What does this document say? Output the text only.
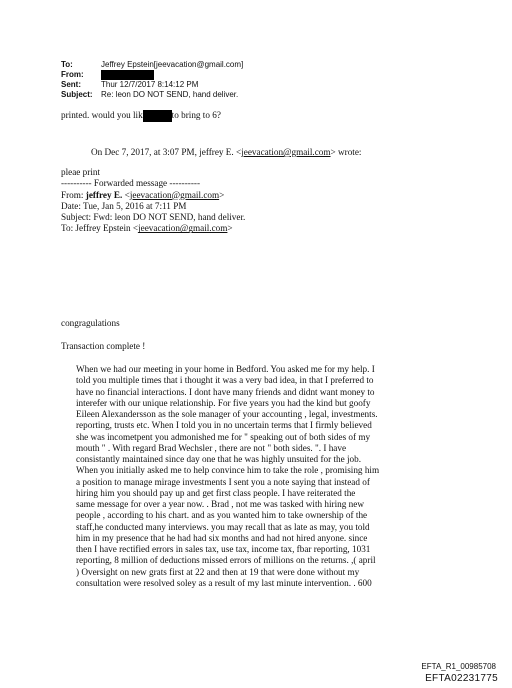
To:	Jeffrey Epstein[jeevacation@gmail.com]
From:
Sent:	Thur 12/7/2017 8:14:12 PM
Subject: Re: leon DO NOT SEND, hand deliver.
printed. would you lik	to bring to 6?
On Dec 7, 2017, at 3:07 PM, jeffrey E. <jeevacation@gmail.com> wrote:
pleae print
---------- Forwarded message ----------
From: jeffrey E. <jeevacation@gmail.com>
Date: Tue, Jan 5, 2016 at 7:11 PM
Subject: Fwd: leon DO NOT SEND, hand deliver.
To: Jeffrey Epstein <jeevacation@gmail.com>
congragulations
Transaction complete !
When we had our meeting in your home in Bedford. You asked me for my help. I
told you multiple times that i thought it was a very bad idea, in that I preferred to
have no financial interactions. I dont have many friends and didnt want money to
interefer with our unique relationship. For five years you had the kind but goofy
Eileen Alexandersson as the sole manager of your accounting , legal, investments.
reporting, trusts etc. When I told you in no uncertain terms that I firmly believed
she was incometpent you admonished me for " speaking out of both sides of my
mouth " . With regard Brad Wechsler , there are not " both sides. ". I have
consistantly maintained since day one that he was highly unsuited for the job.
When you initially asked me to help convince him to take the role , promising him
a position to manage mirage investments I sent you a note saying that instead of
hiring him you should pay up and get first class people. I have reiterated the
same message for over a year now. . Brad , not me was tasked with hiring new
people , according to his chart. and as you wanted him to take ownership of the
staff,he conducted many interviews. you may recall that as late as may, you told
him in my presence that he had had six months and had not hired anyone. since
then I have rectified errors in sales tax, use tax, income tax, fbar reporting, 1031
reporting, 8 million of deductions missed errors of millions on the returns. ,( april
) Oversight on new grats first at 22 and then at 19 that were done without my
consultation were resolved soley as a result of my last minute intervention. . 600
EFTA_R1_00985708
EFTA02231775
